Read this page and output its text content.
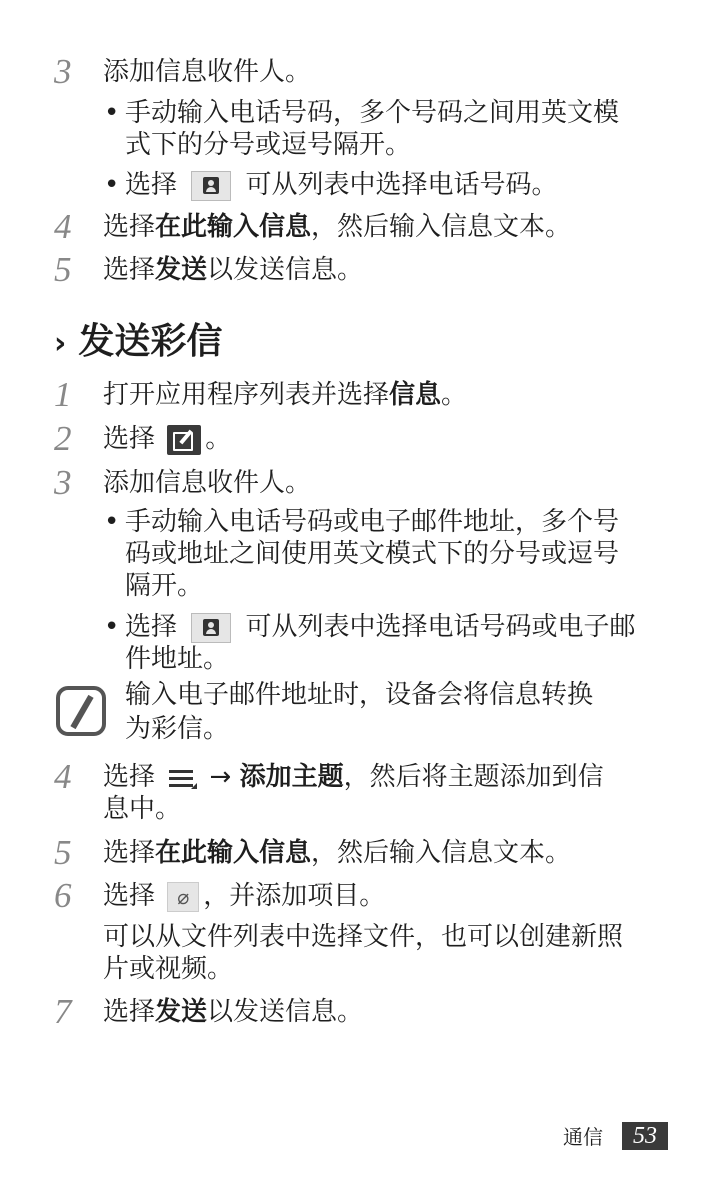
3	添加信息收件人。
• 手动输入电话号码，多个号码之间用英文模
式下的分号或逗号隔开。
• 选择	可从列表中选择电话号码。
4	选择在此输入信息，然后输入信息文本。
5	选择发送以发送信息。
› 发送彩信
1	打开应用程序列表并选择信息。
2	选择 。
3	添加信息收件人。
• 手动输入电话号码或电子邮件地址，多个号
码或地址之间使用英文模式下的分号或逗号
隔开。
• 选择	可从列表中选择电话号码或电子邮
件地址。
输入电子邮件地址时，设备会将信息转换
为彩信。
4	选择 → 添加主题，然后将主题添加到信
息中。
5	选择在此输入信息，然后输入信息文本。
6	选择 ⌀ ，并添加项目。
可以从文件列表中选择文件，也可以创建新照
片或视频。
7	选择发送以发送信息。
通信	53
